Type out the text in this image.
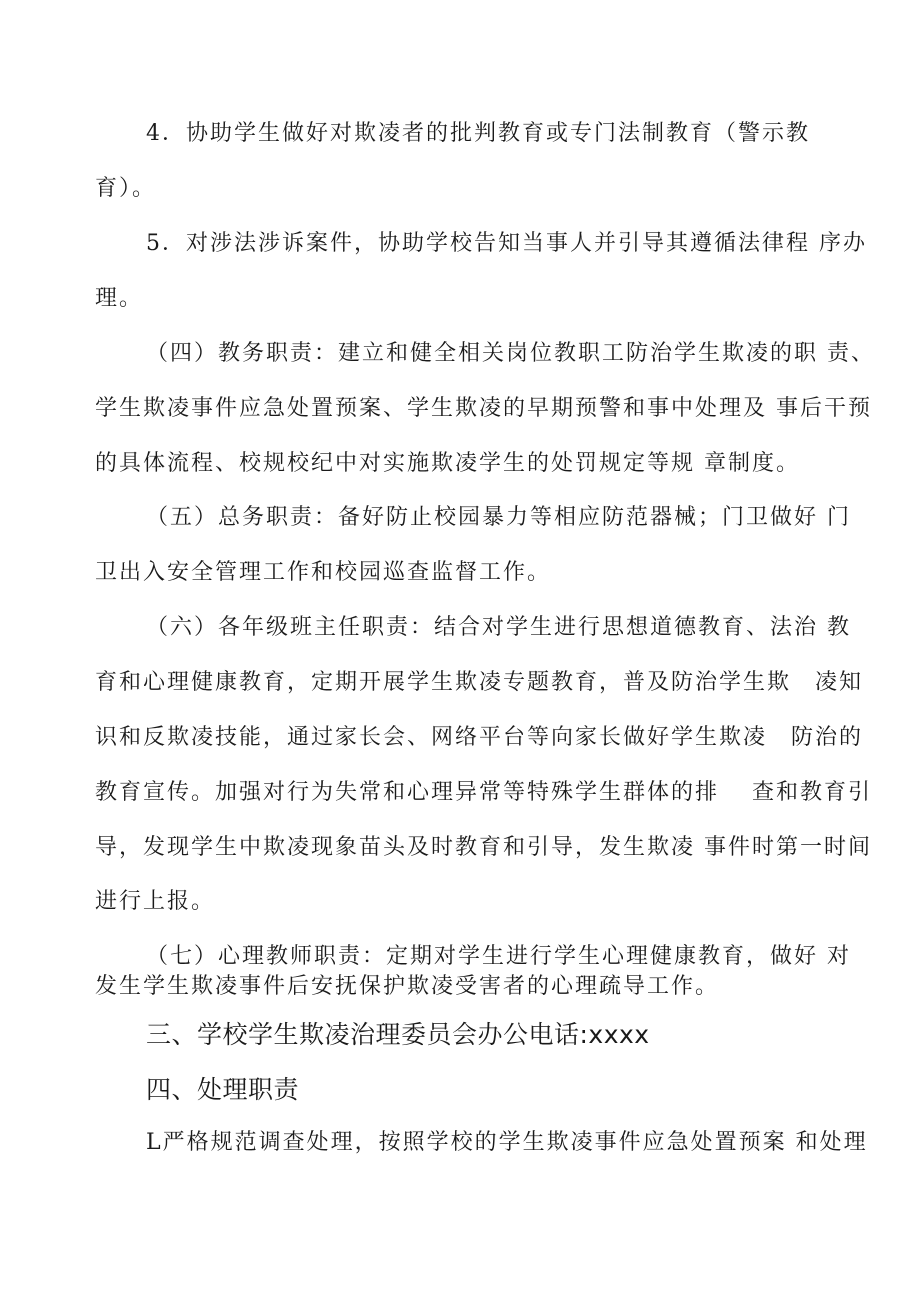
4．协助学生做好对欺凌者的批判教育或专门法制教育（警示教
育）。
5．对涉法涉诉案件，协助学校告知当事人并引导其遵循法律程 序办
理。
（四）教务职责：建立和健全相关岗位教职工防治学生欺凌的职 责、
学生欺凌事件应急处置预案、学生欺凌的早期预警和事中处理及 事后干预
的具体流程、校规校纪中对实施欺凌学生的处罚规定等规 章制度。
（五）总务职责：备好防止校园暴力等相应防范器械；门卫做好 门
卫出入安全管理工作和校园巡查监督工作。
（六）各年级班主任职责：结合对学生进行思想道德教育、法治 教
育和心理健康教育，定期开展学生欺凌专题教育，普及防治学生欺　凌知
识和反欺凌技能，通过家长会、网络平台等向家长做好学生欺凌　防治的
教育宣传。加强对行为失常和心理异常等特殊学生群体的排　 查和教育引
导，发现学生中欺凌现象苗头及时教育和引导，发生欺凌 事件时第一时间
进行上报。
（七）心理教师职责：定期对学生进行学生心理健康教育，做好 对
发生学生欺凌事件后安抚保护欺凌受害者的心理疏导工作。
三、学校学生欺凌治理委员会办公电话:xxxx
四、处理职责
L严格规范调查处理，按照学校的学生欺凌事件应急处置预案 和处理
